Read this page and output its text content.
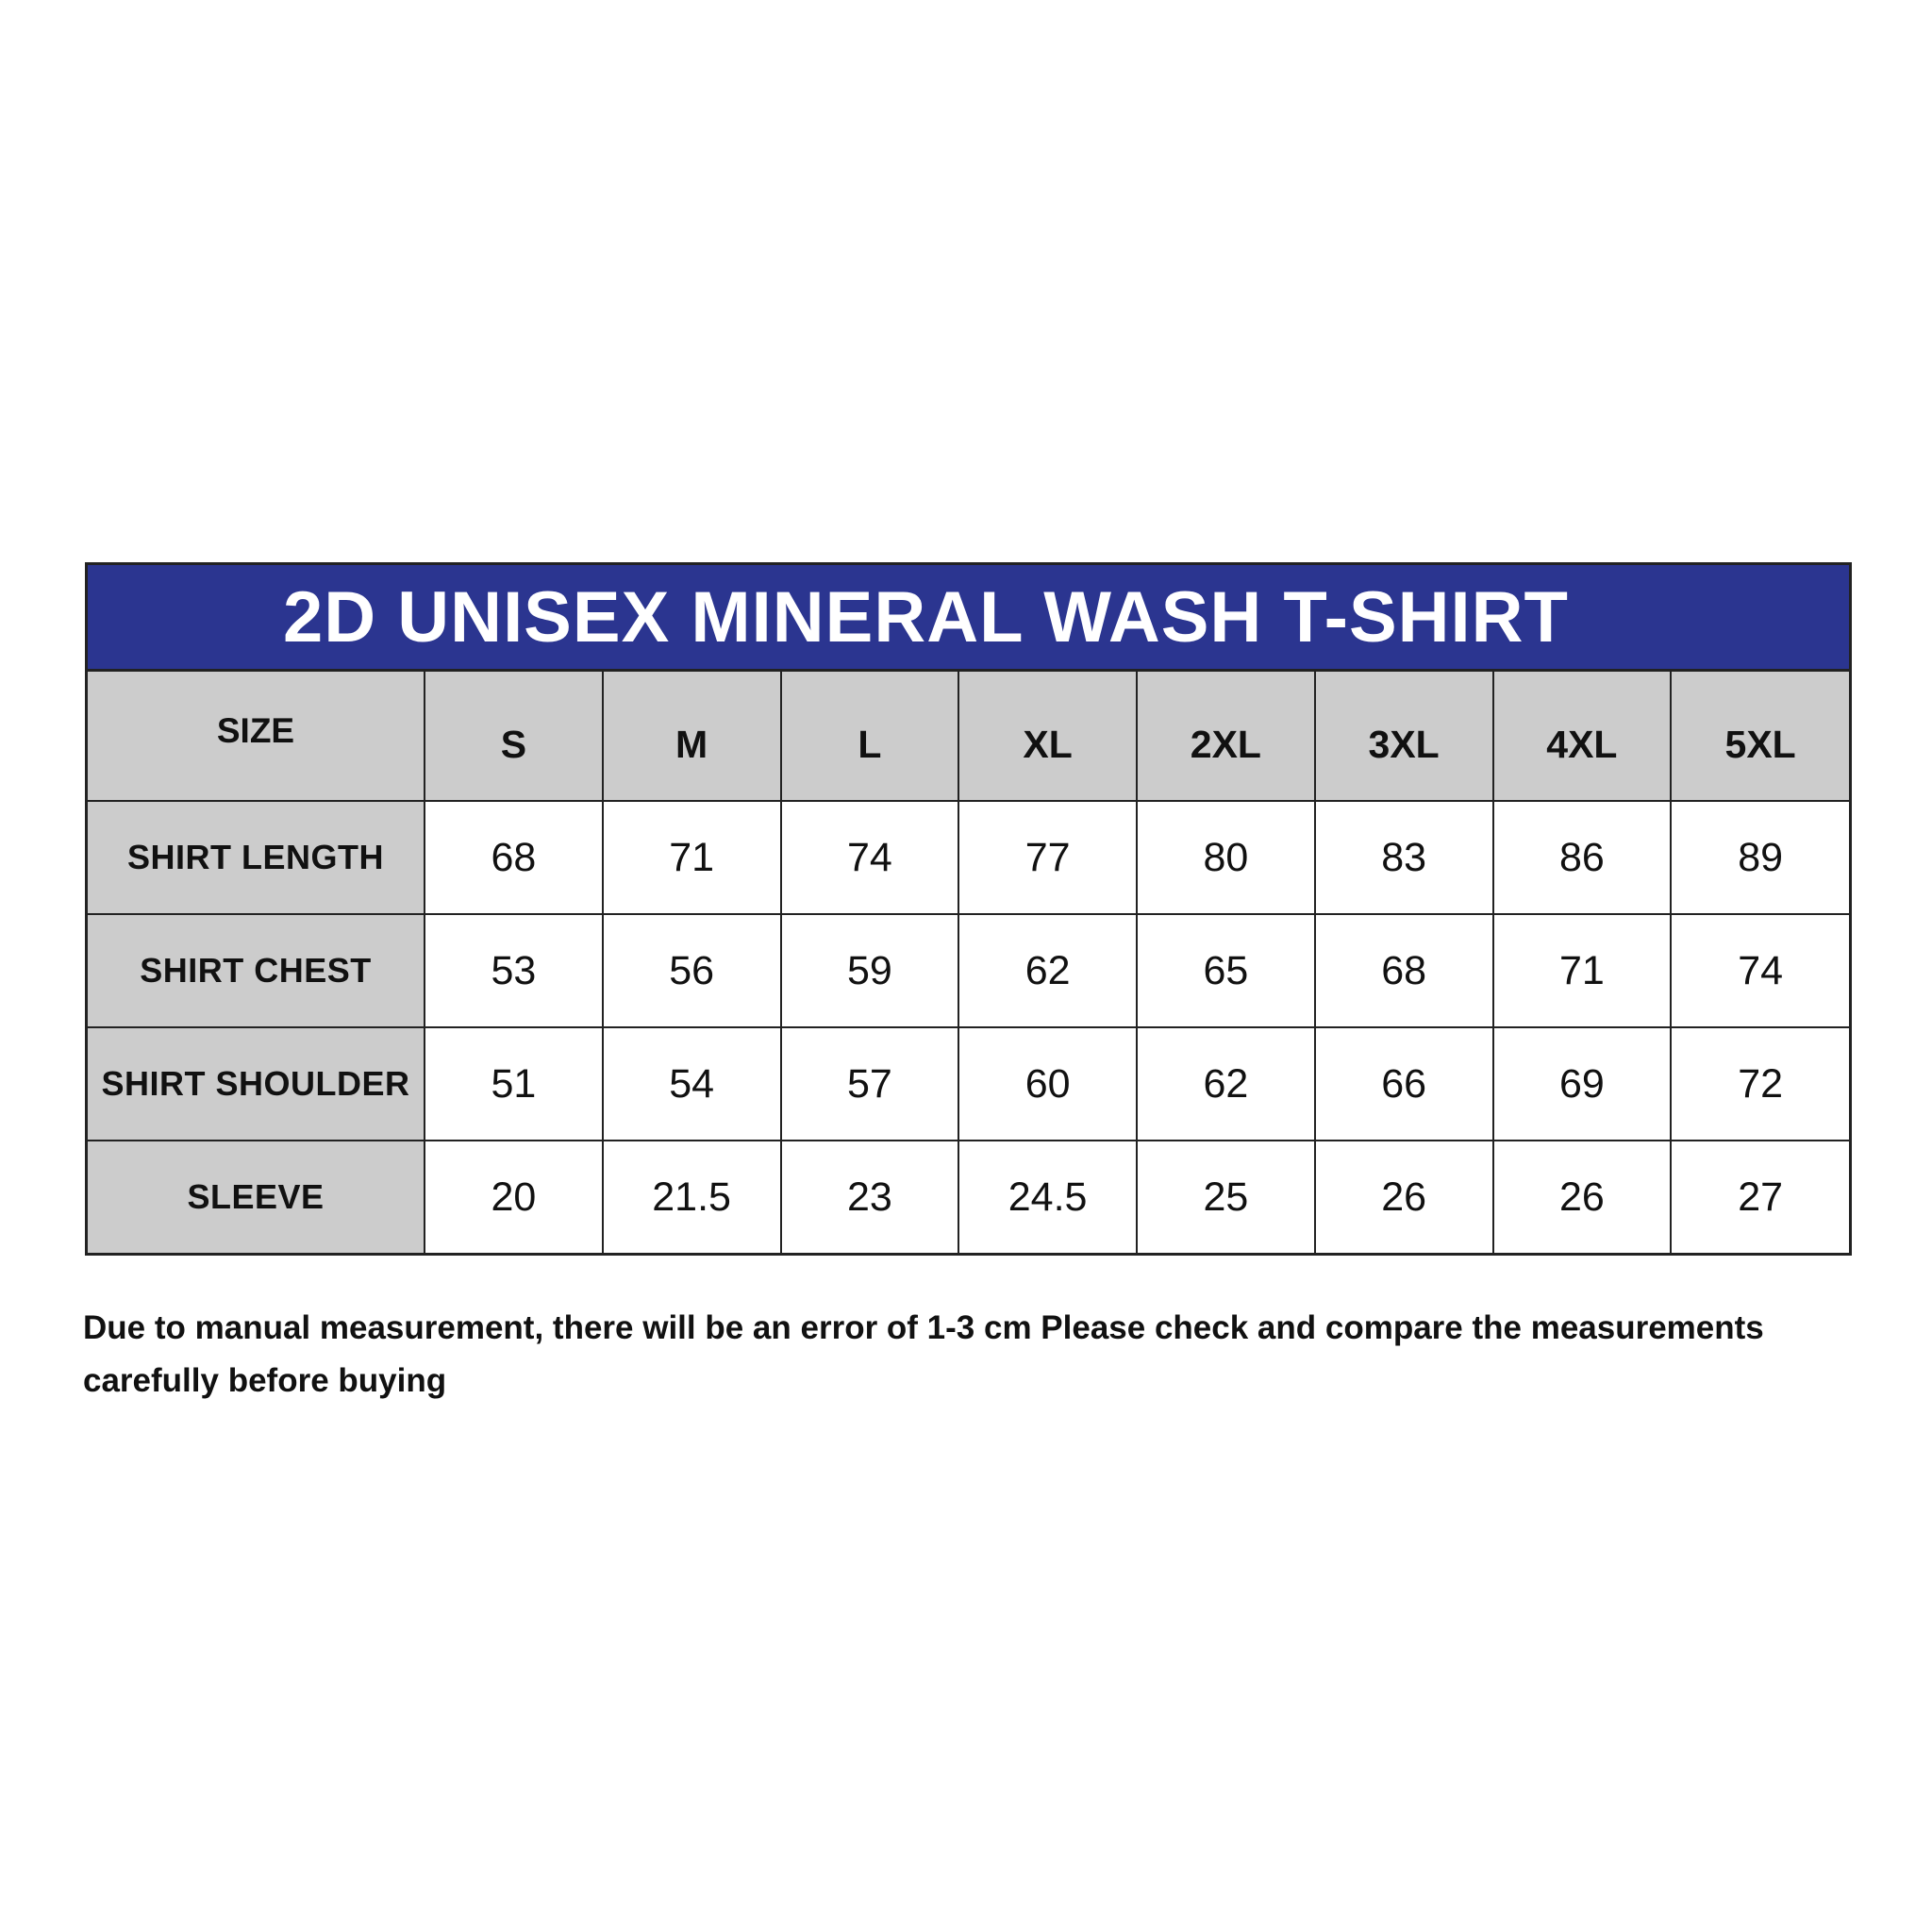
2D UNISEX MINERAL WASH T-SHIRT
SIZE	S	M	L	XL	2XL	3XL	4XL	5XL
SHIRT LENGTH	68	71	74	77	80	83	86	89
SHIRT CHEST	53	56	59	62	65	68	71	74
SHIRT SHOULDER	51	54	57	60	62	66	69	72
SLEEVE	20	21.5	23	24.5	25	26	26	27

Due to manual measurement, there will be an error of 1-3 cm Please check and compare the measurements carefully before buying
